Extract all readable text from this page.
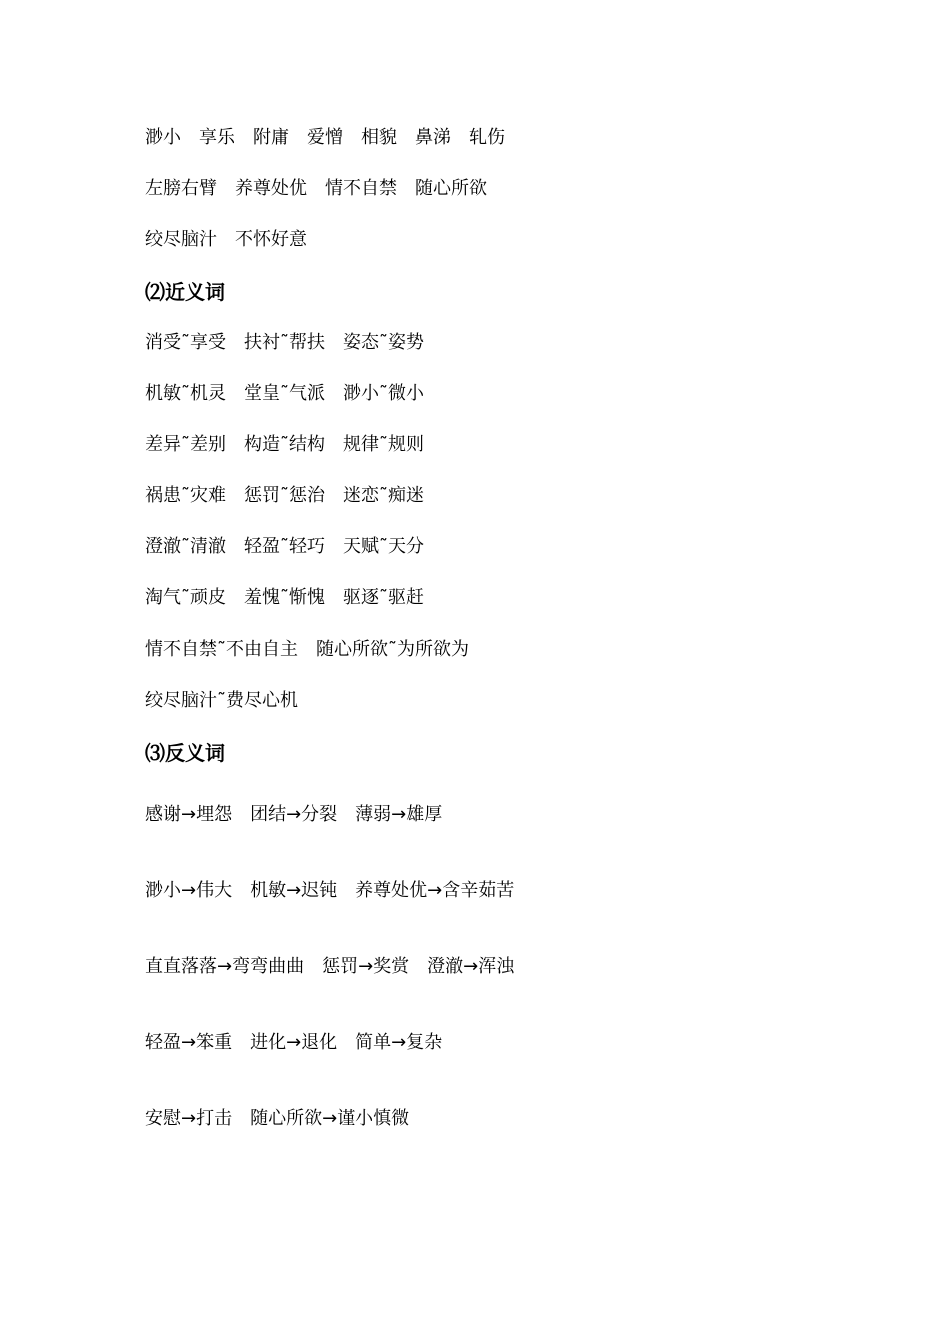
渺小　享乐　附庸　爱憎　相貌　鼻涕　轧伤
左膀右臂　养尊处优　情不自禁　随心所欲
绞尽脑汁　不怀好意
⑵近义词
消受˜享受　扶衬˜帮扶　姿态˜姿势
机敏˜机灵　堂皇˜气派　渺小˜微小
差异˜差别　构造˜结构　规律˜规则
祸患˜灾难　惩罚˜惩治　迷恋˜痴迷
澄澈˜清澈　轻盈˜轻巧　天赋˜天分
淘气˜顽皮　羞愧˜惭愧　驱逐˜驱赶
情不自禁˜不由自主　随心所欲˜为所欲为
绞尽脑汁˜费尽心机
⑶反义词
感谢→埋怨　团结→分裂　薄弱→雄厚
渺小→伟大　机敏→迟钝　养尊处优→含辛茹苦
直直落落→弯弯曲曲　惩罚→奖赏　澄澈→浑浊
轻盈→笨重　进化→退化　简单→复杂
安慰→打击　随心所欲→谨小慎微
